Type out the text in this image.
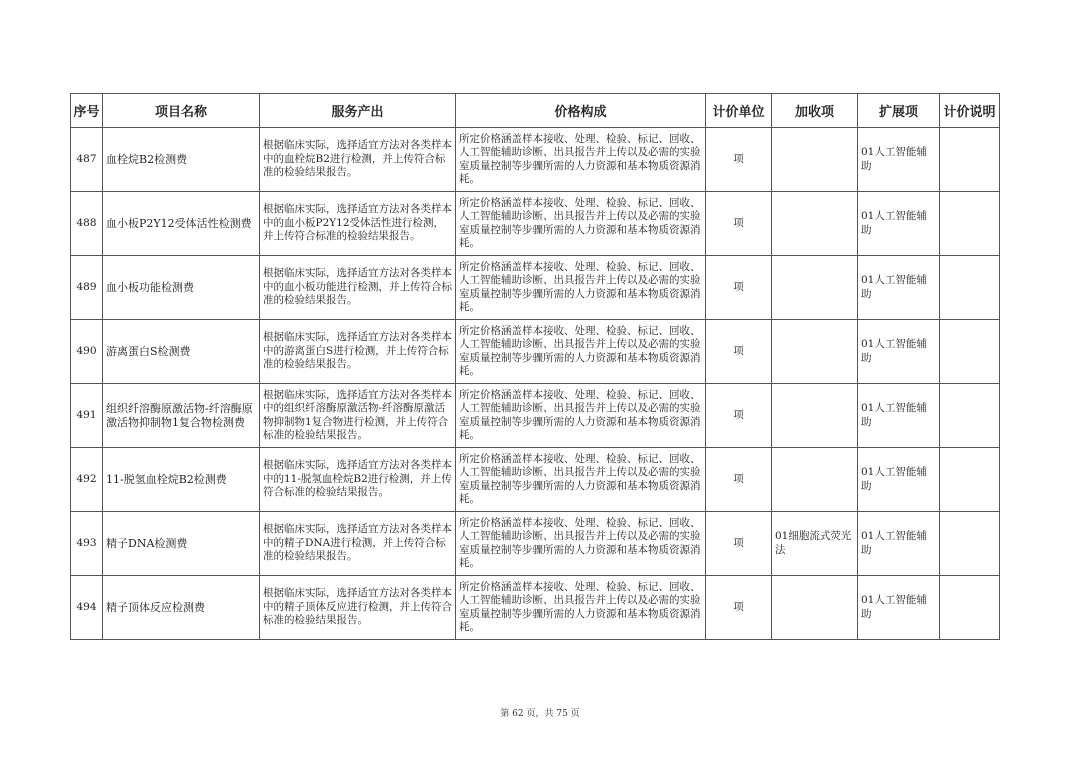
序号	项目名称	服务产出	价格构成	计价单位	加收项	扩展项	计价说明
487	血栓烷B2检测费	根据临床实际，选择适宜方法对各类样本中的血栓烷B2进行检测，并上传符合标准的检验结果报告。	所定价格涵盖样本接收、处理、检验、标记、回收、人工智能辅助诊断、出具报告并上传以及必需的实验室质量控制等步骤所需的人力资源和基本物质资源消耗。	项		01人工智能辅助	
488	血小板P2Y12受体活性检测费	根据临床实际，选择适宜方法对各类样本中的血小板P2Y12受体活性进行检测，并上传符合标准的检验结果报告。	所定价格涵盖样本接收、处理、检验、标记、回收、人工智能辅助诊断、出具报告并上传以及必需的实验室质量控制等步骤所需的人力资源和基本物质资源消耗。	项		01人工智能辅助	
489	血小板功能检测费	根据临床实际，选择适宜方法对各类样本中的血小板功能进行检测，并上传符合标准的检验结果报告。	所定价格涵盖样本接收、处理、检验、标记、回收、人工智能辅助诊断、出具报告并上传以及必需的实验室质量控制等步骤所需的人力资源和基本物质资源消耗。	项		01人工智能辅助	
490	游离蛋白S检测费	根据临床实际，选择适宜方法对各类样本中的游离蛋白S进行检测，并上传符合标准的检验结果报告。	所定价格涵盖样本接收、处理、检验、标记、回收、人工智能辅助诊断、出具报告并上传以及必需的实验室质量控制等步骤所需的人力资源和基本物质资源消耗。	项		01人工智能辅助	
491	组织纤溶酶原激活物-纤溶酶原激活物抑制物1复合物检测费	根据临床实际，选择适宜方法对各类样本中的组织纤溶酶原激活物-纤溶酶原激活物抑制物1复合物进行检测，并上传符合标准的检验结果报告。	所定价格涵盖样本接收、处理、检验、标记、回收、人工智能辅助诊断、出具报告并上传以及必需的实验室质量控制等步骤所需的人力资源和基本物质资源消耗。	项		01人工智能辅助	
492	11-脱氢血栓烷B2检测费	根据临床实际，选择适宜方法对各类样本中的11-脱氢血栓烷B2进行检测，并上传符合标准的检验结果报告。	所定价格涵盖样本接收、处理、检验、标记、回收、人工智能辅助诊断、出具报告并上传以及必需的实验室质量控制等步骤所需的人力资源和基本物质资源消耗。	项		01人工智能辅助	
493	精子DNA检测费	根据临床实际，选择适宜方法对各类样本中的精子DNA进行检测，并上传符合标准的检验结果报告。	所定价格涵盖样本接收、处理、检验、标记、回收、人工智能辅助诊断、出具报告并上传以及必需的实验室质量控制等步骤所需的人力资源和基本物质资源消耗。	项	01细胞流式荧光法	01人工智能辅助	
494	精子顶体反应检测费	根据临床实际，选择适宜方法对各类样本中的精子顶体反应进行检测，并上传符合标准的检验结果报告。	所定价格涵盖样本接收、处理、检验、标记、回收、人工智能辅助诊断、出具报告并上传以及必需的实验室质量控制等步骤所需的人力资源和基本物质资源消耗。	项		01人工智能辅助	
第 62 页，共 75 页
